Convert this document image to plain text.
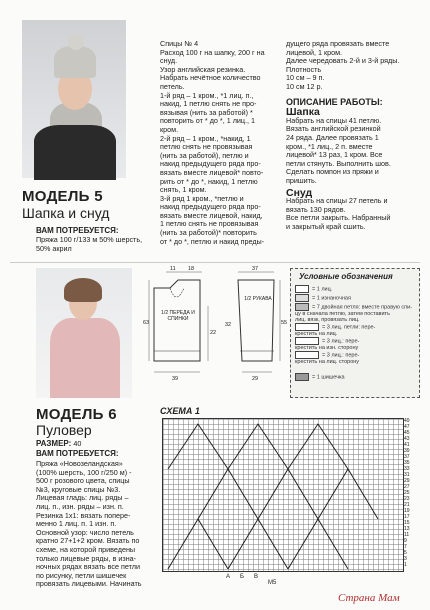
МОДЕЛЬ 5
Шапка и снуд
ВАМ ПОТРЕБУЕТСЯ:
Пряжа 100 г/133 м 50% шерсть, 50% акрил

Спицы № 4

Расход 100 г на шапку, 200 г на

снуд.

Узор английская резинка.

Набрать нечётное количество

петель.

1-й ряд – 1 кром., *1 лиц. п.,

накид, 1 петлю снять не про-

вязывая (нить за работой) *

повторить от * до *, 1 лиц., 1

кром.

2-й ряд – 1 кром., *накид, 1

петлю снять не провязывая

(нить за работой), петлю и

накид предыдущего ряда про-

вязать вместе лицевой* повто-

рить от * до *, накид, 1 петлю

снять, 1 кром.

3-й ряд 1 кром., *петлю и

накид предыдущего ряда про-

вязать вместе лицевой, накид,

1 петлю снять не провязывая

(нить за работой)* повторить

от * до *, петлю и накид преды-

дущего ряда провязать вместе

лицевой, 1 кром.

Далее чередовать 2-й и 3-й ряды.

Плотность

10 см – 9 п.

10 см 12 р.

ОПИСАНИЕ РАБОТЫ:

Шапка

Набрать на спицы 41 петлю.

Вязать английской резинкой

24 ряда. Далее провязать 1

кром., *1 лиц., 2 п. вместе

лицевой* 13 раз, 1 кром. Все

петли стянуть. Выполнить шов.

Сделать помпон из пряжи и

пришить.

Снуд

Набрать на спицы 27 петель и

вязать 130 рядов.

Все петли закрыть. Набранный

и закрытый край сшить.

МОДЕЛЬ 6
Пуловер
РАЗМЕР: 40
ВАМ ПОТРЕБУЕТСЯ:

Пряжа «Новозеландская»

(100% шерсть, 100 г/250 м) -

500 г розового цвета, спицы

№3, круговые спицы №3.

Лицевая гладь: лиц. ряды –

лиц. п., изн. ряды – изн. п.

Резинка 1х1: вязать попере-

менно 1 лиц. п. 1 изн. п.

Основной узор: число петель

кратно 27+1+2 кром. Вязать по

схеме, на которой приведены

только лицевые ряды, в изна-

ночных рядах вязать все петли

по рисунку, петли шишечек

провязать лицевыми. Начинать

11 18	37
63
22
32	55
39	29
1/2 ПЕРЕДА И СПИНКИ
1/2 РУКАВА
Условные обозначения
= 1 лиц.
= 1 изнаночная
= 7 двойная петля: вместе правую спи-
цу в сначала петлю, затем поставить
лиц. вязк, провязать лиц.
= 3 лиц. петли: пере-
крестить на лиц.
= 3 лиц.: пере-
крестить на изн. сторону
= 3 лиц.: пере-
крестить на лиц. сторону
= 1 шишечка
СХЕМА 1
49
47
45
43
41
39
37
35
33
31
29
27
25
23
21
19
17
15
13
11
9
7
5
3
1
А Б В
М5
Страна Мам
